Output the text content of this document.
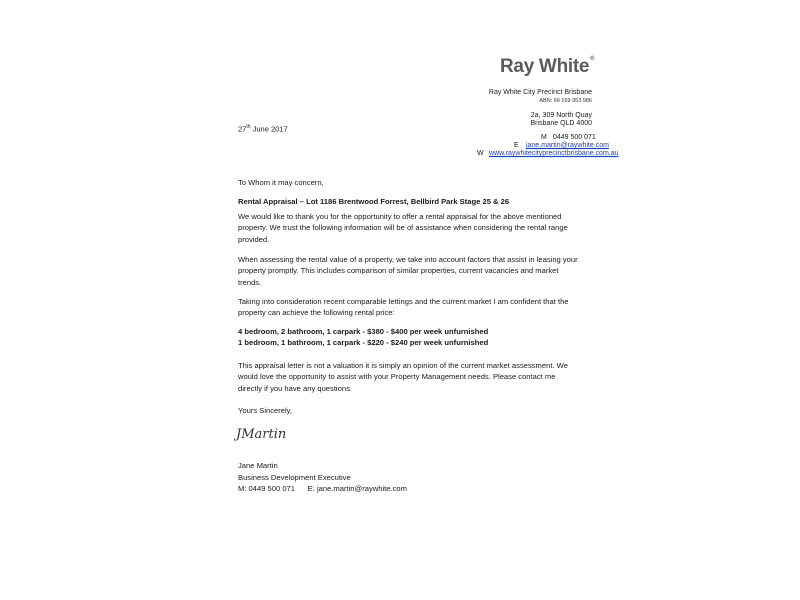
Ray White®
Ray White City Precinct Brisbane
ABN: 66 169 953 986
2a, 309 North Quay
Brisbane QLD 4000
M 0449 500 071
E jane.martin@raywhite.com
W www.raywhitecityprecinctbrisbane.com.au
27th June 2017
To Whom it may concern,
Rental Appraisal – Lot 1186 Brentwood Forrest, Bellbird Park Stage 25 & 26
We would like to thank you for the opportunity to offer a rental appraisal for the above mentioned property. We trust the following information will be of assistance when considering the rental range provided.
When assessing the rental value of a property, we take into account factors that assist in leasing your property promptly. This includes comparison of similar properties, current vacancies and market trends.
Taking into consideration recent comparable lettings and the current market I am confident that the property can achieve the following rental price:
4 bedroom, 2 bathroom, 1 carpark - $380 - $400 per week unfurnished
1 bedroom, 1 bathroom, 1 carpark - $220 - $240 per week unfurnished
This appraisal letter is not a valuation it is simply an opinion of the current market assessment. We would love the opportunity to assist with your Property Management needs. Please contact me directly if you have any questions.
Yours Sincerely,
JMartin
Jane Martin
Business Development Executive
M: 0449 500 071      E: jane.martin@raywhite.com
